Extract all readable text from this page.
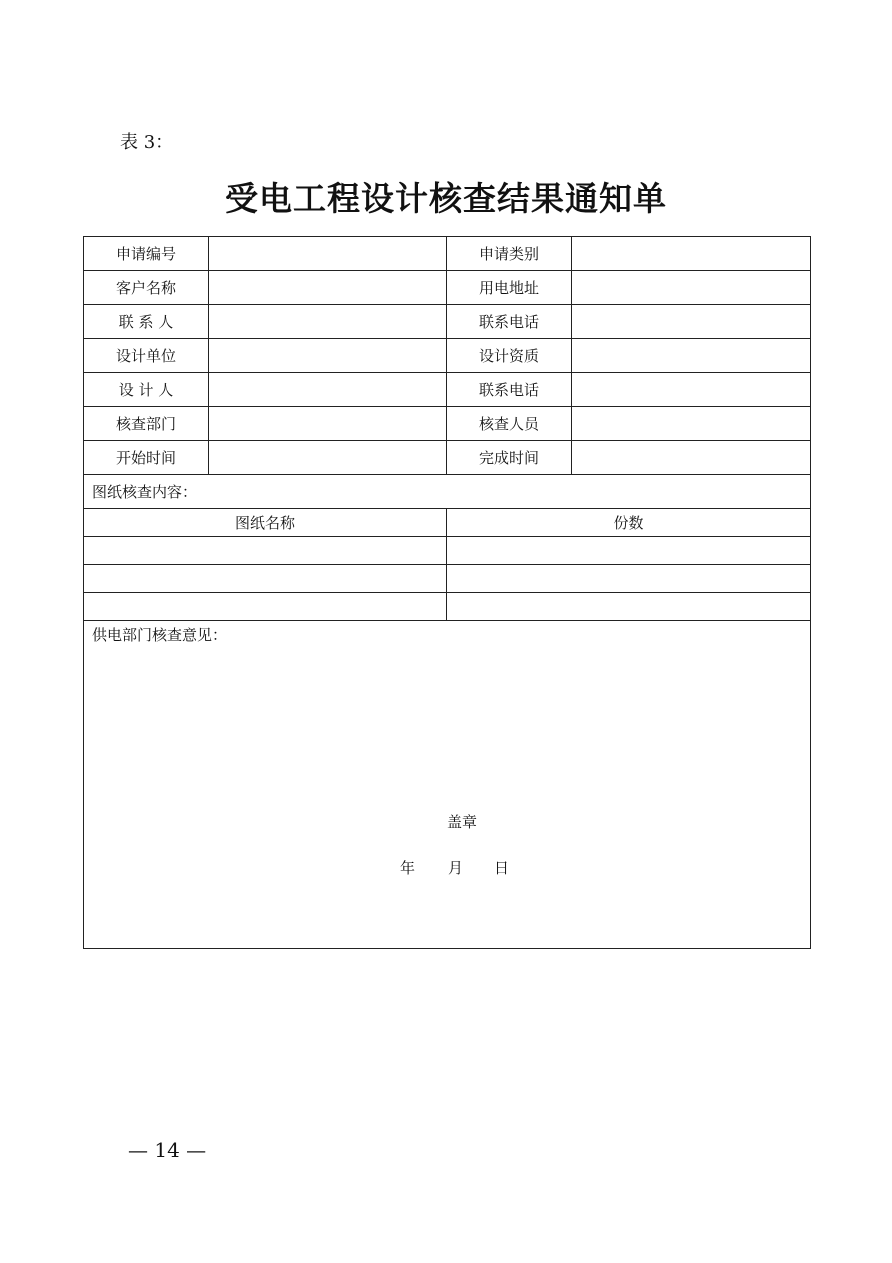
表 3：
受电工程设计核查结果通知单
申请编号		申请类别	
客户名称		用电地址	
联 系 人		联系电话	
设计单位		设计资质	
设 计 人		联系电话	
核查部门		核查人员	
开始时间		完成时间	
图纸核查内容：			
图纸名称		份数	

供电部门核查意见：
盖章
年 月 日			
— 14 —
